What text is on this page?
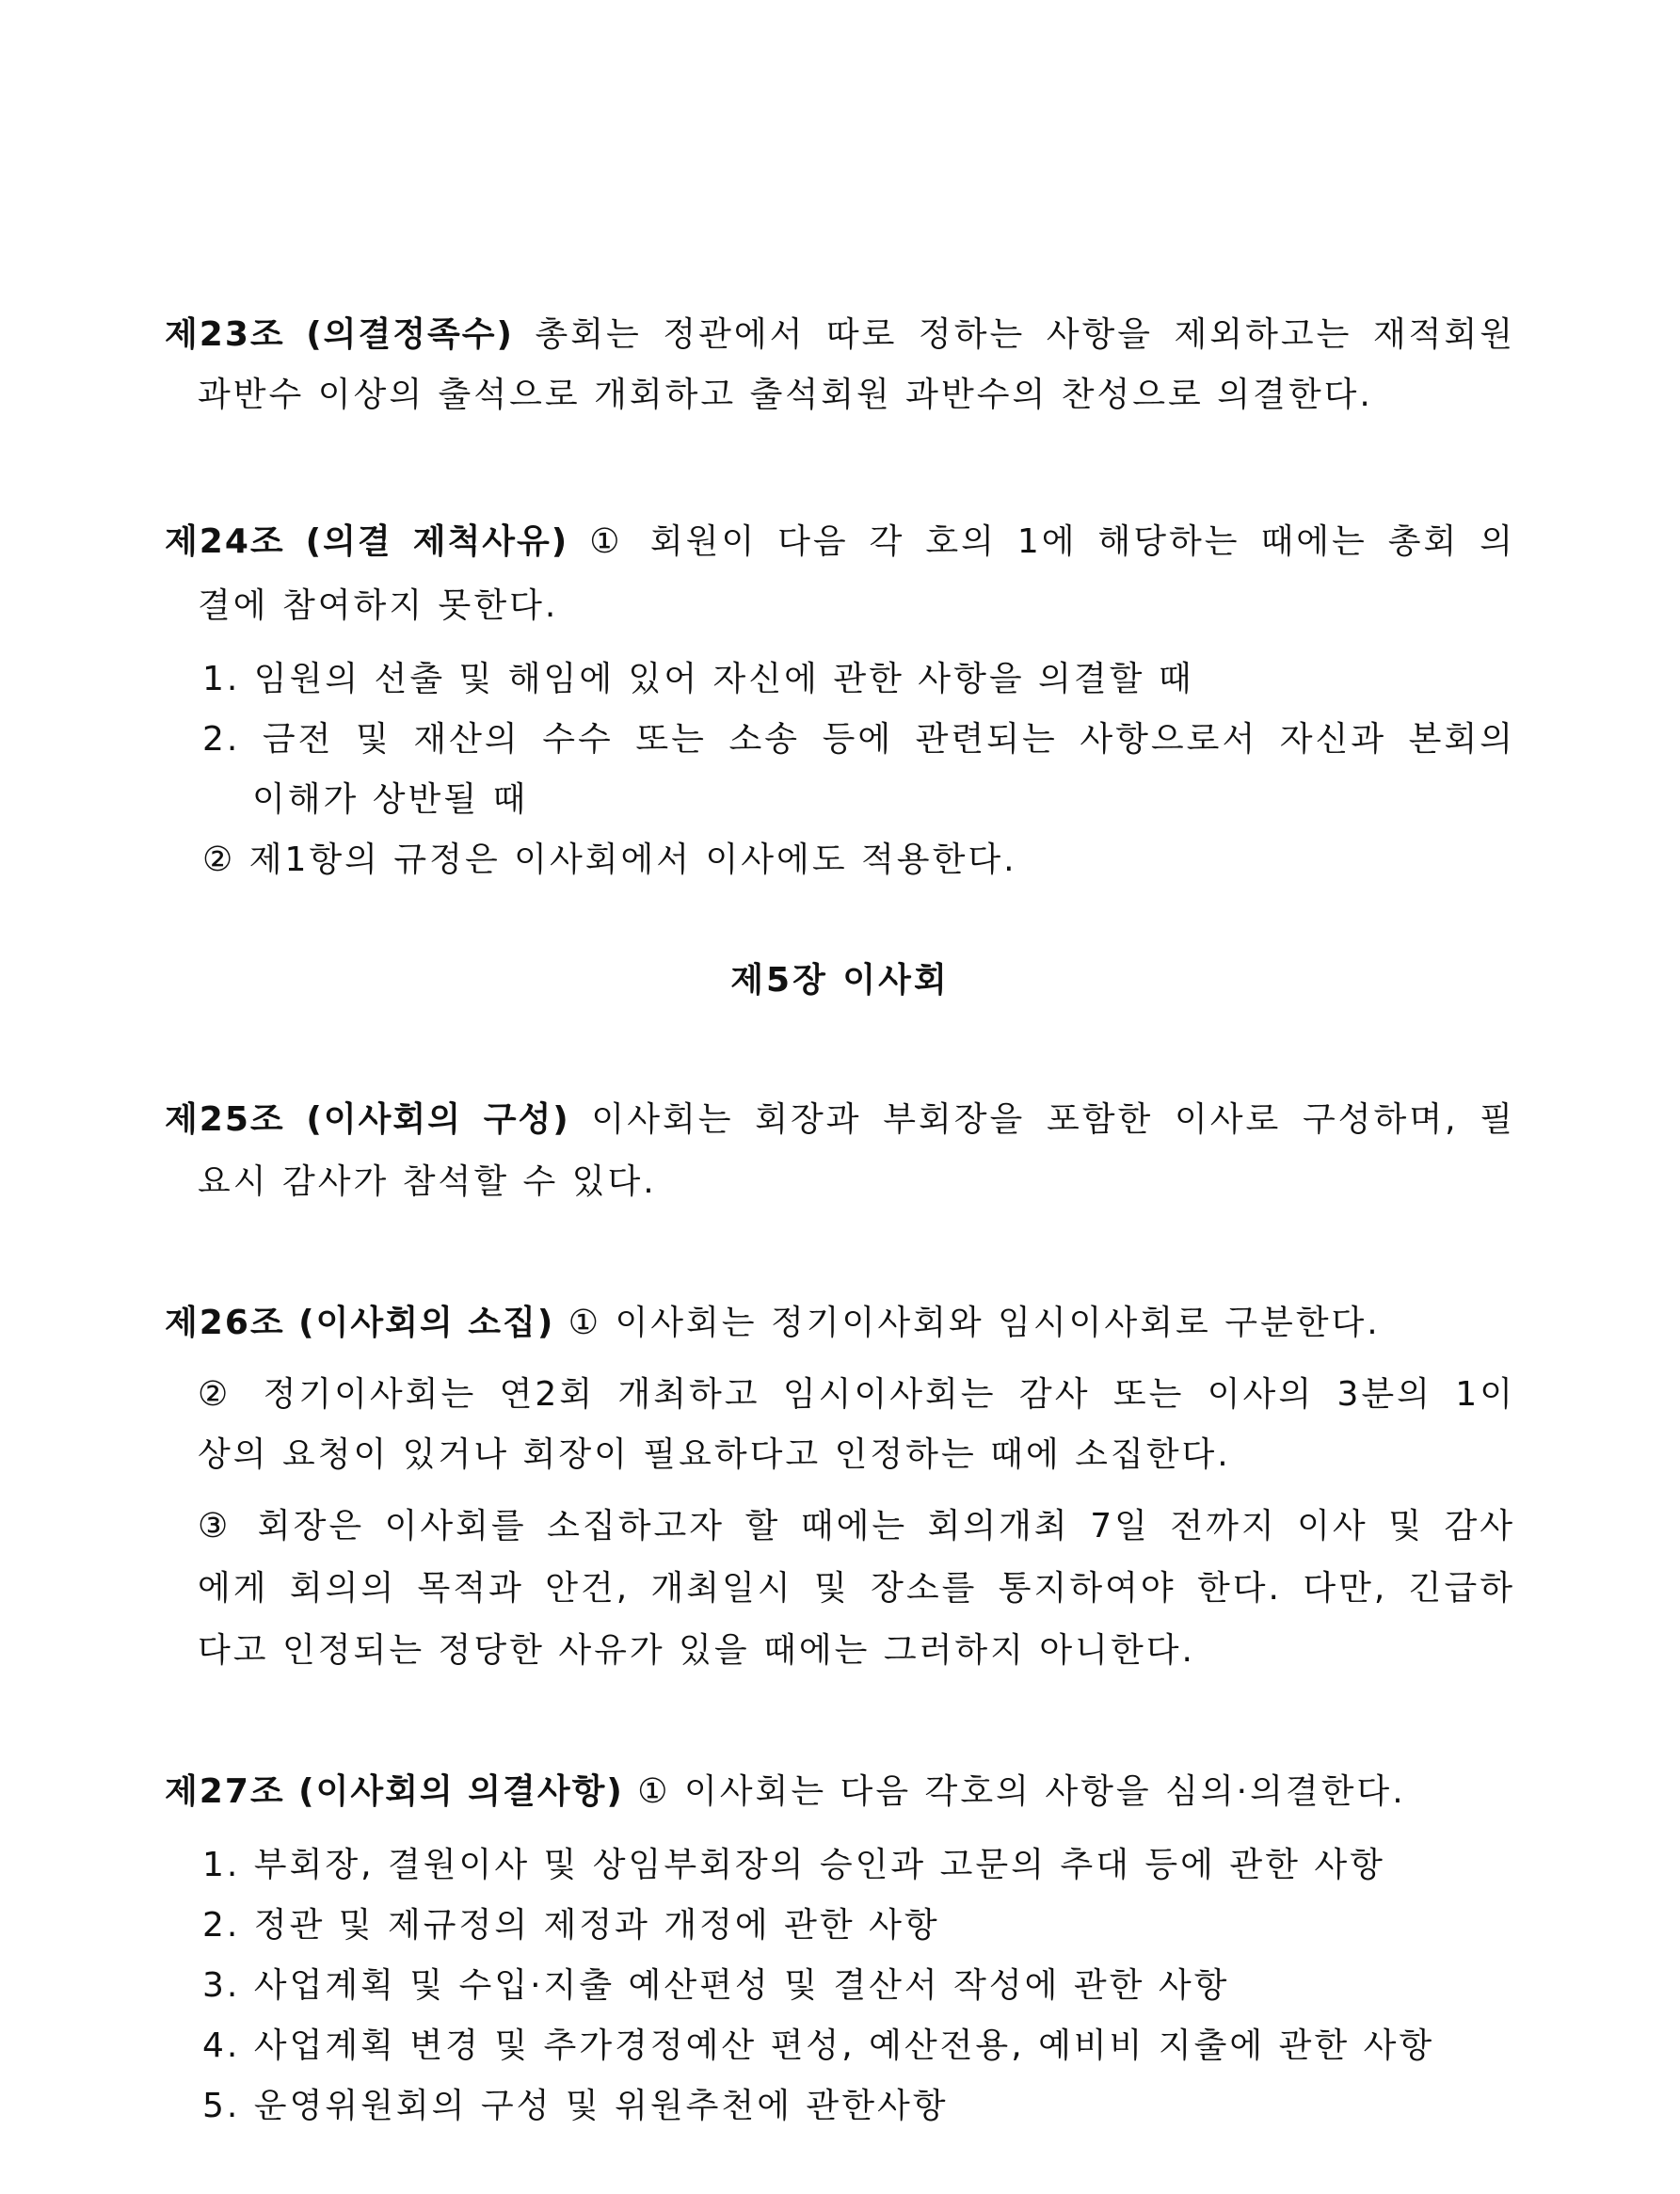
제23조 (의결정족수) 총회는 정관에서 따로 정하는 사항을 제외하고는 재적회원
과반수 이상의 출석으로 개회하고 출석회원 과반수의 찬성으로 의결한다.
제24조 (의결 제척사유) ① 회원이 다음 각 호의 1에 해당하는 때에는 총회 의
결에 참여하지 못한다.
1. 임원의 선출 및 해임에 있어 자신에 관한 사항을 의결할 때
2. 금전 및 재산의 수수 또는 소송 등에 관련되는 사항으로서 자신과 본회의
이해가 상반될 때
② 제1항의 규정은 이사회에서 이사에도 적용한다.
제5장 이사회
제25조 (이사회의 구성) 이사회는 회장과 부회장을 포함한 이사로 구성하며, 필
요시 감사가 참석할 수 있다.
제26조 (이사회의 소집) ① 이사회는 정기이사회와 임시이사회로 구분한다.
② 정기이사회는 연2회 개최하고 임시이사회는 감사 또는 이사의 3분의 1이
상의 요청이 있거나 회장이 필요하다고 인정하는 때에 소집한다.
③ 회장은 이사회를 소집하고자 할 때에는 회의개최 7일 전까지 이사 및 감사
에게 회의의 목적과 안건, 개최일시 및 장소를 통지하여야 한다. 다만, 긴급하
다고 인정되는 정당한 사유가 있을 때에는 그러하지 아니한다.
제27조 (이사회의 의결사항) ① 이사회는 다음 각호의 사항을 심의·의결한다.
1. 부회장, 결원이사 및 상임부회장의 승인과 고문의 추대 등에 관한 사항
2. 정관 및 제규정의 제정과 개정에 관한 사항
3. 사업계획 및 수입·지출 예산편성 및 결산서 작성에 관한 사항
4. 사업계획 변경 및 추가경정예산 편성, 예산전용, 예비비 지출에 관한 사항
5. 운영위원회의 구성 및 위원추천에 관한사항
